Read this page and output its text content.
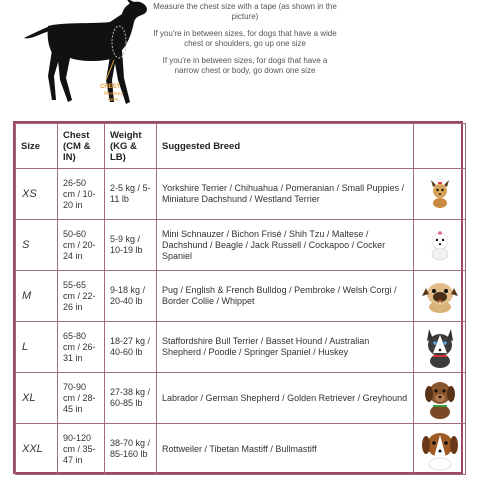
CHEST
Measure
here

Measure the chest size with a tape (as shown in the picture)

If you're in between sizes, for dogs that have a wide chest or shoulders, go up one size

If you're in between sizes, for dogs that have a narrow chest or body, go down one size

Size	Chest (CM & IN)	Weight (KG & LB)	Suggested Breed	
XS	26-50 cm / 10-20 in	2-5 kg / 5-11 lb	Yorkshire Terrier / Chihuahua / Pomeranian / Small Puppies / Miniature Dachshund / Westland Terrier	

S	50-60 cm / 20-24 in	5-9 kg / 10-19 lb	Mini Schnauzer / Bichon Frisé / Shih Tzu / Maltese / Dachshund / Beagle / Jack Russell / Cockapoo / Cocker Spaniel	

M	55-65 cm / 22-26 in	9-18 kg / 20-40 lb	Pug / English & French Bulldog / Pembroke / Welsh Corgi / Border Collie / Whippet	

L	65-80 cm / 26-31 in	18-27 kg / 40-60 lb	Staffordshire Bull Terrier / Basset Hound / Australian Shepherd / Poodle / Springer Spaniel / Huskey	

XL	70-90 cm / 28-45 in	27-38 kg / 60-85 lb	Labrador / German Shepherd / Golden Retriever / Greyhound	

XXL	90-120 cm / 35-47 in	38-70 kg / 85-160 lb	Rottweiler / Tibetan Mastiff / Bullmastiff	
